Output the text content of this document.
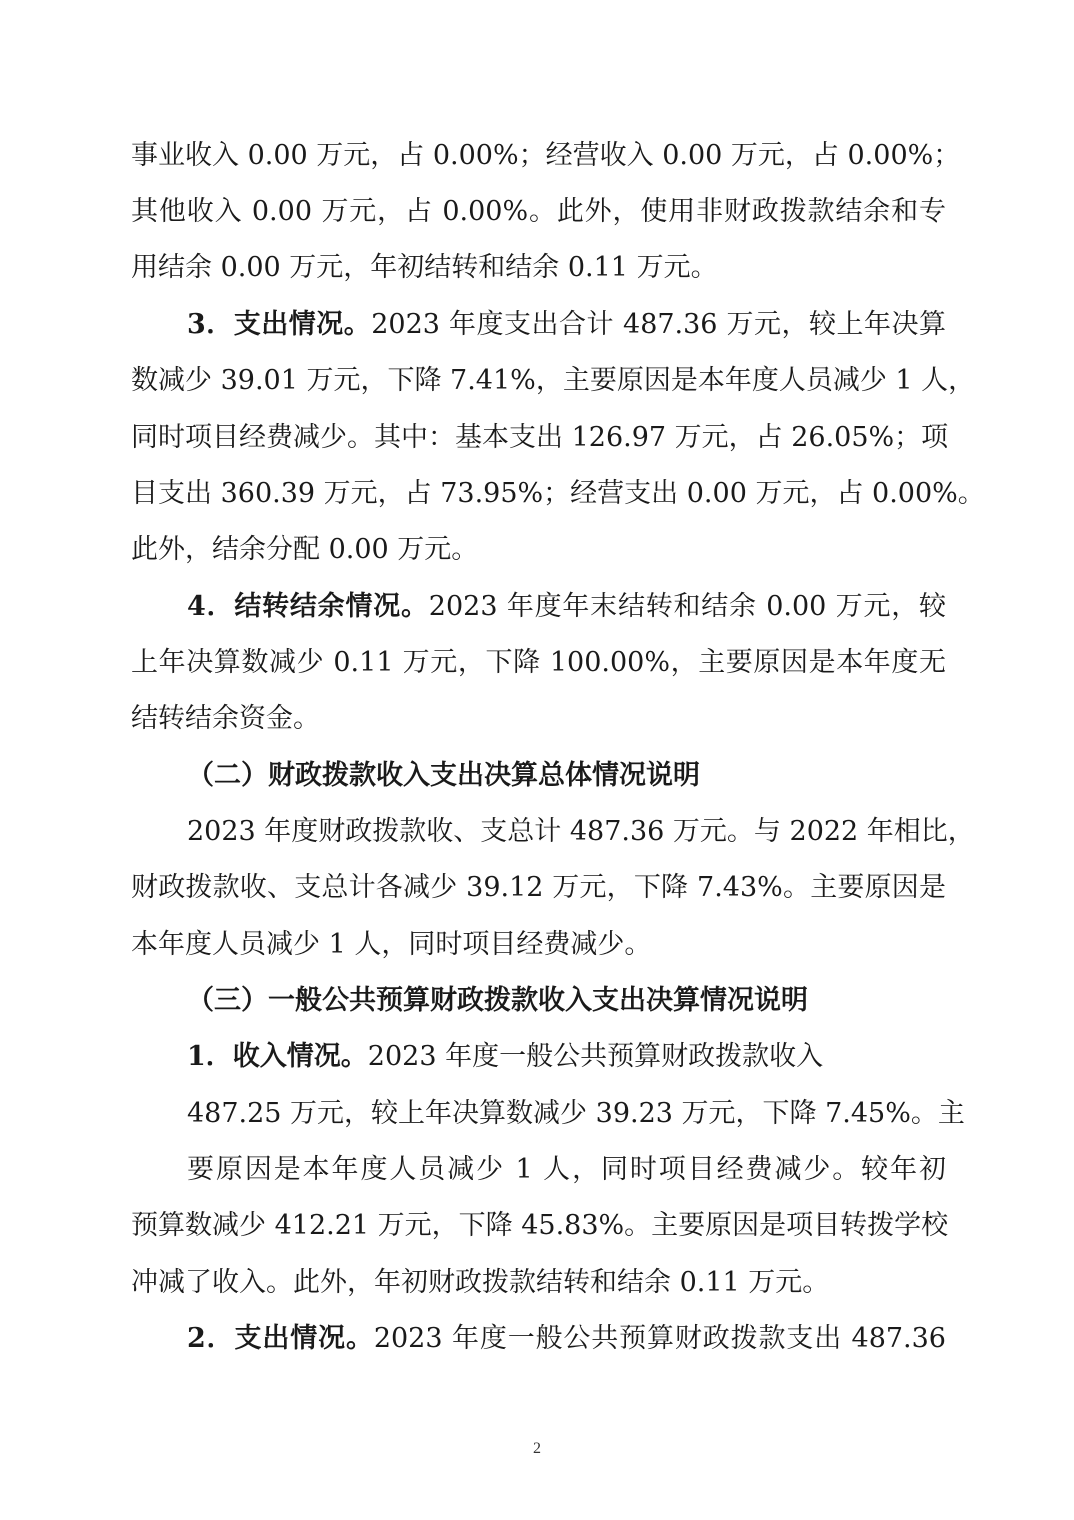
事业收入 0.00 万元，占 0.00%；经营收入 0.00 万元，占 0.00%；
其他收入 0.00 万元，占 0.00%。此外，使用非财政拨款结余和专
用结余 0.00 万元，年初结转和结余 0.11 万元。
3．支出情况。2023 年度支出合计 487.36 万元，较上年决算
数减少 39.01 万元，下降 7.41%，主要原因是本年度人员减少 1 人，
同时项目经费减少。其中：基本支出 126.97 万元，占 26.05%；项
目支出 360.39 万元，占 73.95%；经营支出 0.00 万元，占 0.00%。
此外，结余分配 0.00 万元。
4．结转结余情况。2023 年度年末结转和结余 0.00 万元，较
上年决算数减少 0.11 万元，下降 100.00%，主要原因是本年度无
结转结余资金。
（二）财政拨款收入支出决算总体情况说明
2023 年度财政拨款收、支总计 487.36 万元。与 2022 年相比，
财政拨款收、支总计各减少 39.12 万元，下降 7.43%。主要原因是
本年度人员减少 1 人，同时项目经费减少。
（三）一般公共预算财政拨款收入支出决算情况说明
1．收入情况。2023 年度一般公共预算财政拨款收入
487.25 万元，较上年决算数减少 39.23 万元，下降 7.45%。主
要原因是本年度人员减少 1 人，同时项目经费减少。较年初
预算数减少 412.21 万元，下降 45.83%。主要原因是项目转拨学校
冲减了收入。此外，年初财政拨款结转和结余 0.11 万元。
2．支出情况。2023 年度一般公共预算财政拨款支出 487.36
2
